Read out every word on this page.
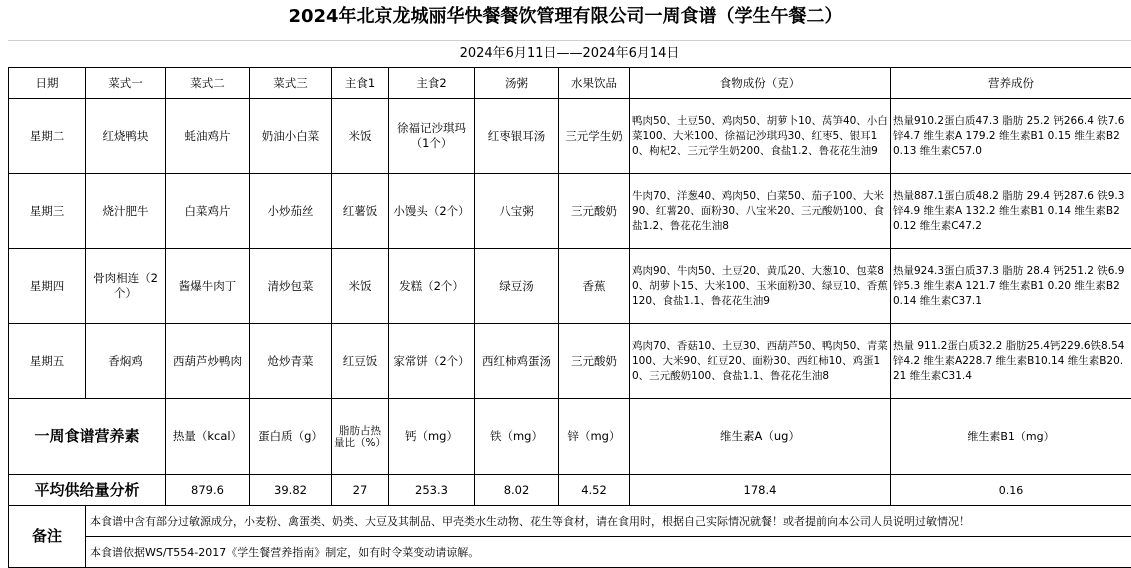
2024年北京龙城丽华快餐餐饮管理有限公司一周食谱（学生午餐二）
2024年6月11日——2024年6月14日
日期	菜式一	菜式二	菜式三	主食1	主食2	汤粥	水果饮品	食物成份（克）	营养成份
星期二	红烧鸭块	蚝油鸡片	奶油小白菜	米饭	徐福记沙琪玛（1个）	红枣银耳汤	三元学生奶	鸭肉50、土豆50、鸡肉50、胡萝卜10、莴笋40、小白菜100、大米100、徐福记沙琪玛30、红枣5、银耳10、枸杞2、三元学生奶200、食盐1.2、鲁花花生油9	热量910.2蛋白质47.3 脂肪 25.2 钙266.4 铁7.6 锌4.7 维生素A 179.2 维生素B1 0.15 维生素B2 0.13 维生素C57.0
星期三	烧汁肥牛	白菜鸡片	小炒茄丝	红薯饭	小馒头（2个）	八宝粥	三元酸奶	牛肉70、洋葱40、鸡肉50、白菜50、茄子100、大米90、红薯20、面粉30、八宝米20、三元酸奶100、食盐1.2、鲁花花生油8	热量887.1蛋白质48.2 脂肪 29.4 钙287.6 铁9.3 锌4.9 维生素A 132.2 维生素B1 0.14 维生素B2 0.12 维生素C47.2
星期四	骨肉相连（2个）	酱爆牛肉丁	清炒包菜	米饭	发糕（2个）	绿豆汤	香蕉	鸡肉90、牛肉50、土豆20、黄瓜20、大葱10、包菜80、胡萝卜15、大米100、玉米面粉30、绿豆10、香蕉120、食盐1.1、鲁花花生油9	热量924.3蛋白质37.3 脂肪 28.4 钙251.2 铁6.9 锌5.3 维生素A 121.7 维生素B1 0.20 维生素B2 0.14 维生素C37.1
星期五	香焖鸡	西葫芦炒鸭肉	炝炒青菜	红豆饭	家常饼（2个）	西红柿鸡蛋汤	三元酸奶	鸡肉70、香菇10、土豆30、西葫芦50、鸭肉50、青菜100、大米90、红豆20、面粉30、西红柿10、鸡蛋10、三元酸奶100、食盐1.1、鲁花花生油8	热量 911.2蛋白质32.2 脂肪25.4钙229.6铁8.54锌4.2 维生素A228.7 维生素B10.14 维生素B20.21 维生素C31.4
一周食谱营养素	热量（kcal）	蛋白质（g）	脂肪占热量比（%）	钙（mg）	铁（mg）	锌（mg）	维生素A（ug）	维生素B1（mg）	

平均供给量分析	879.6	39.82	27	253.3	8.02	4.52	178.4	0.16	

备注	本食谱中含有部分过敏源成分，小麦粉、禽蛋类、奶类、大豆及其制品、甲壳类水生动物、花生等食材，请在食用时，根据自己实际情况就餐！或者提前向本公司人员说明过敏情况！
本食谱依据WS/T554-2017《学生餐营养指南》制定，如有时令菜变动请谅解。
